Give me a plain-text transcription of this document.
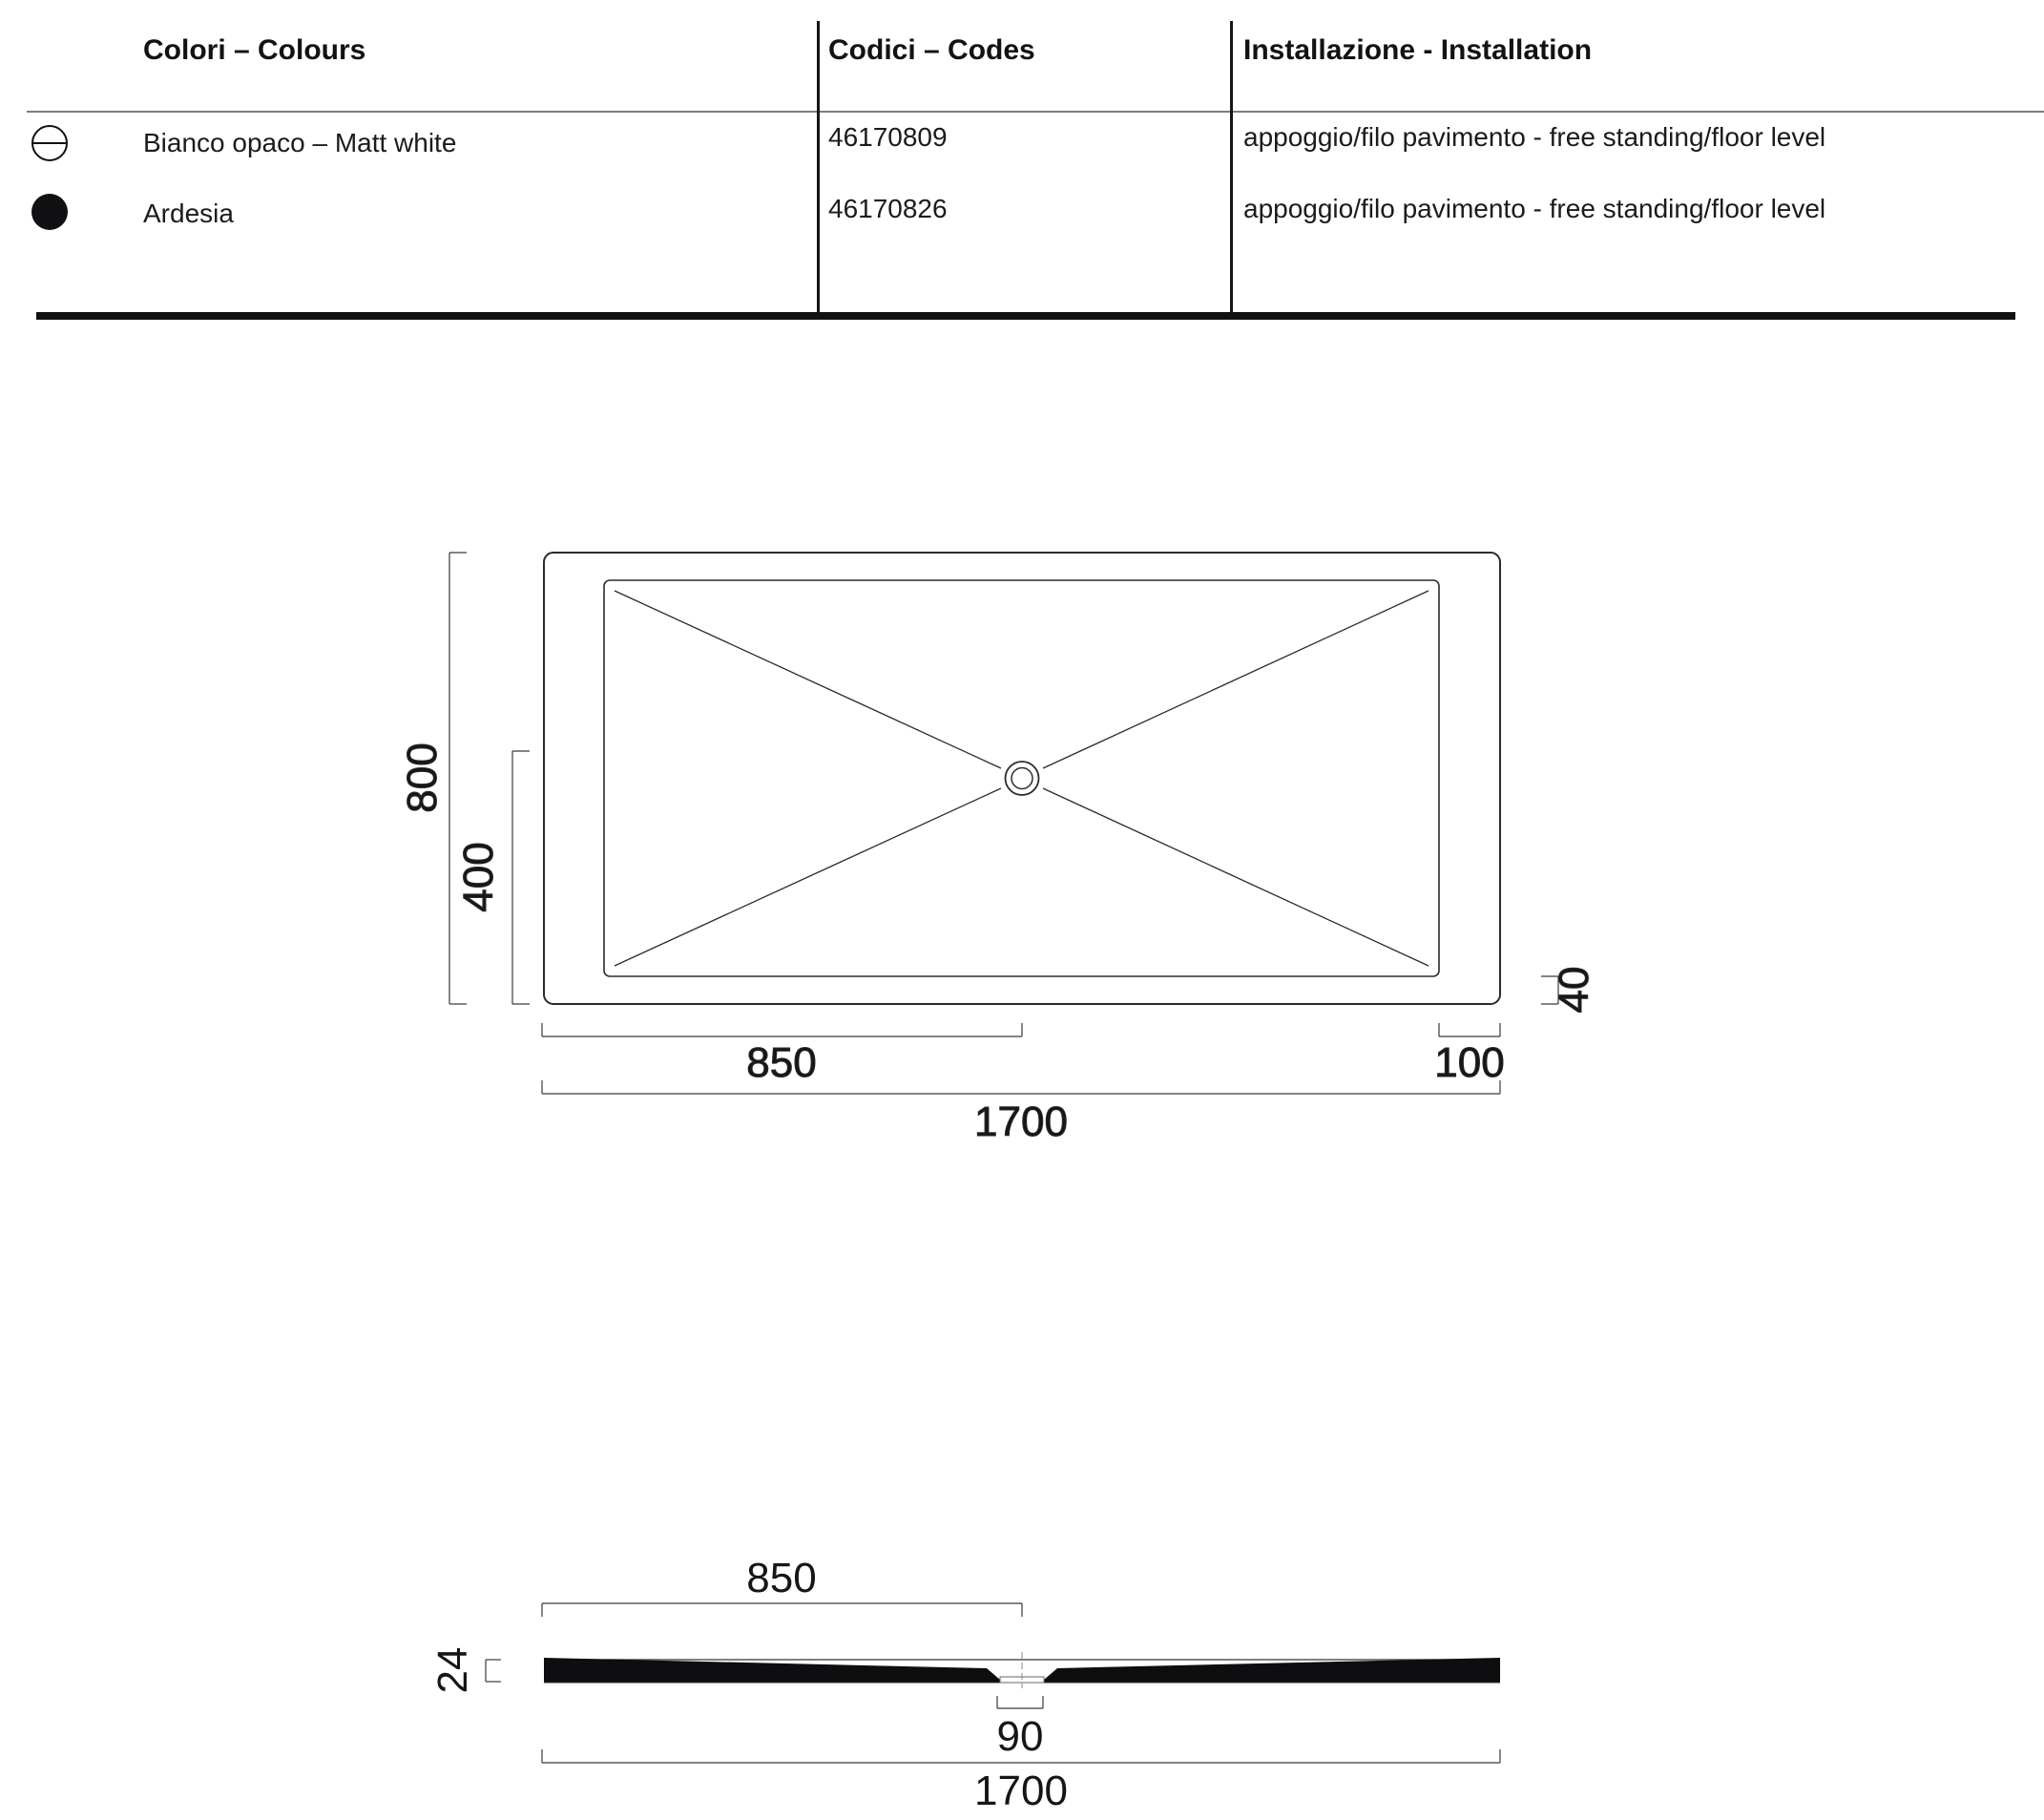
Colori – Colours	Codici – Codes	Installazione - Installation
Bianco opaco – Matt white	46170809	appoggio/filo pavimento - free standing/floor level
Ardesia	46170826	appoggio/filo pavimento - free standing/floor level
800
400
40
850	100
1700
850
24
90
1700
